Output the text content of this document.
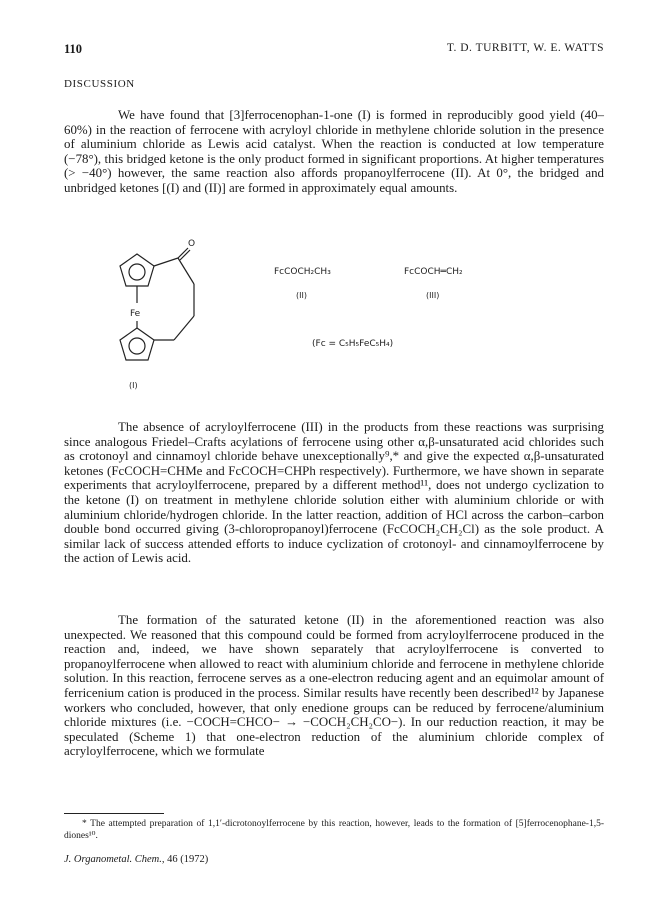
110	T. D. TURBITT, W. E. WATTS
DISCUSSION

We have found that [3]ferrocenophan-1-one (I) is formed in reproducibly good yield (40–60%) in the reaction of ferrocene with acryloyl chloride in methylene chloride solution in the presence of aluminium chloride as Lewis acid catalyst. When the reaction is conducted at low temperature (−78°), this bridged ketone is the only product formed in significant proportions. At higher temperatures (> −40°) however, the same reaction also affords propanoylferrocene (II). At 0°, the bridged and unbridged ketones [(I) and (II)] are formed in approximately equal amounts.

O
Fe
(I)
FcCOCH₂CH₃
(II)
FcCOCH═CH₂
(III)
(Fc = C₅H₅FeC₅H₄)

The absence of acryloylferrocene (III) in the products from these reactions was surprising since analogous Friedel–Crafts acylations of ferrocene using other α,β-unsaturated acid chlorides such as crotonoyl and cinnamoyl chloride behave unexceptionally⁹,* and give the expected α,β-unsaturated ketones (FcCOCH=CHMe and FcCOCH=CHPh respectively). Furthermore, we have shown in separate experiments that acryloylferrocene, prepared by a different method¹¹, does not undergo cyclization to the ketone (I) on treatment in methylene chloride solution either with aluminium chloride or with aluminium chloride/hydrogen chloride. In the latter reaction, addition of HCl across the carbon–carbon double bond occurred giving (3-chloropropanoyl)ferrocene (FcCOCH₂CH₂Cl) as the sole product. A similar lack of success attended efforts to induce cyclization of crotonoyl- and cinnamoylferrocene by the action of Lewis acid.

The formation of the saturated ketone (II) in the aforementioned reaction was also unexpected. We reasoned that this compound could be formed from acryloylferrocene produced in the reaction and, indeed, we have shown separately that acryloylferrocene is converted to propanoylferrocene when allowed to react with aluminium chloride and ferrocene in methylene chloride solution. In this reaction, ferrocene serves as a one-electron reducing agent and an equimolar amount of ferricenium cation is produced in the process. Similar results have recently been described¹² by Japanese workers who concluded, however, that only enedione groups can be reduced by ferrocene/aluminium chloride mixtures (i.e. −COCH=CHCO− → −COCH₂CH₂CO−). In our reduction reaction, it may be speculated (Scheme 1) that one-electron reduction of the aluminium chloride complex of acryloylferrocene, which we formulate

* The attempted preparation of 1,1′-dicrotonoylferrocene by this reaction, however, leads to the formation of [5]ferrocenophane-1,5-diones¹⁰.
J. Organometal. Chem., 46 (1972)
